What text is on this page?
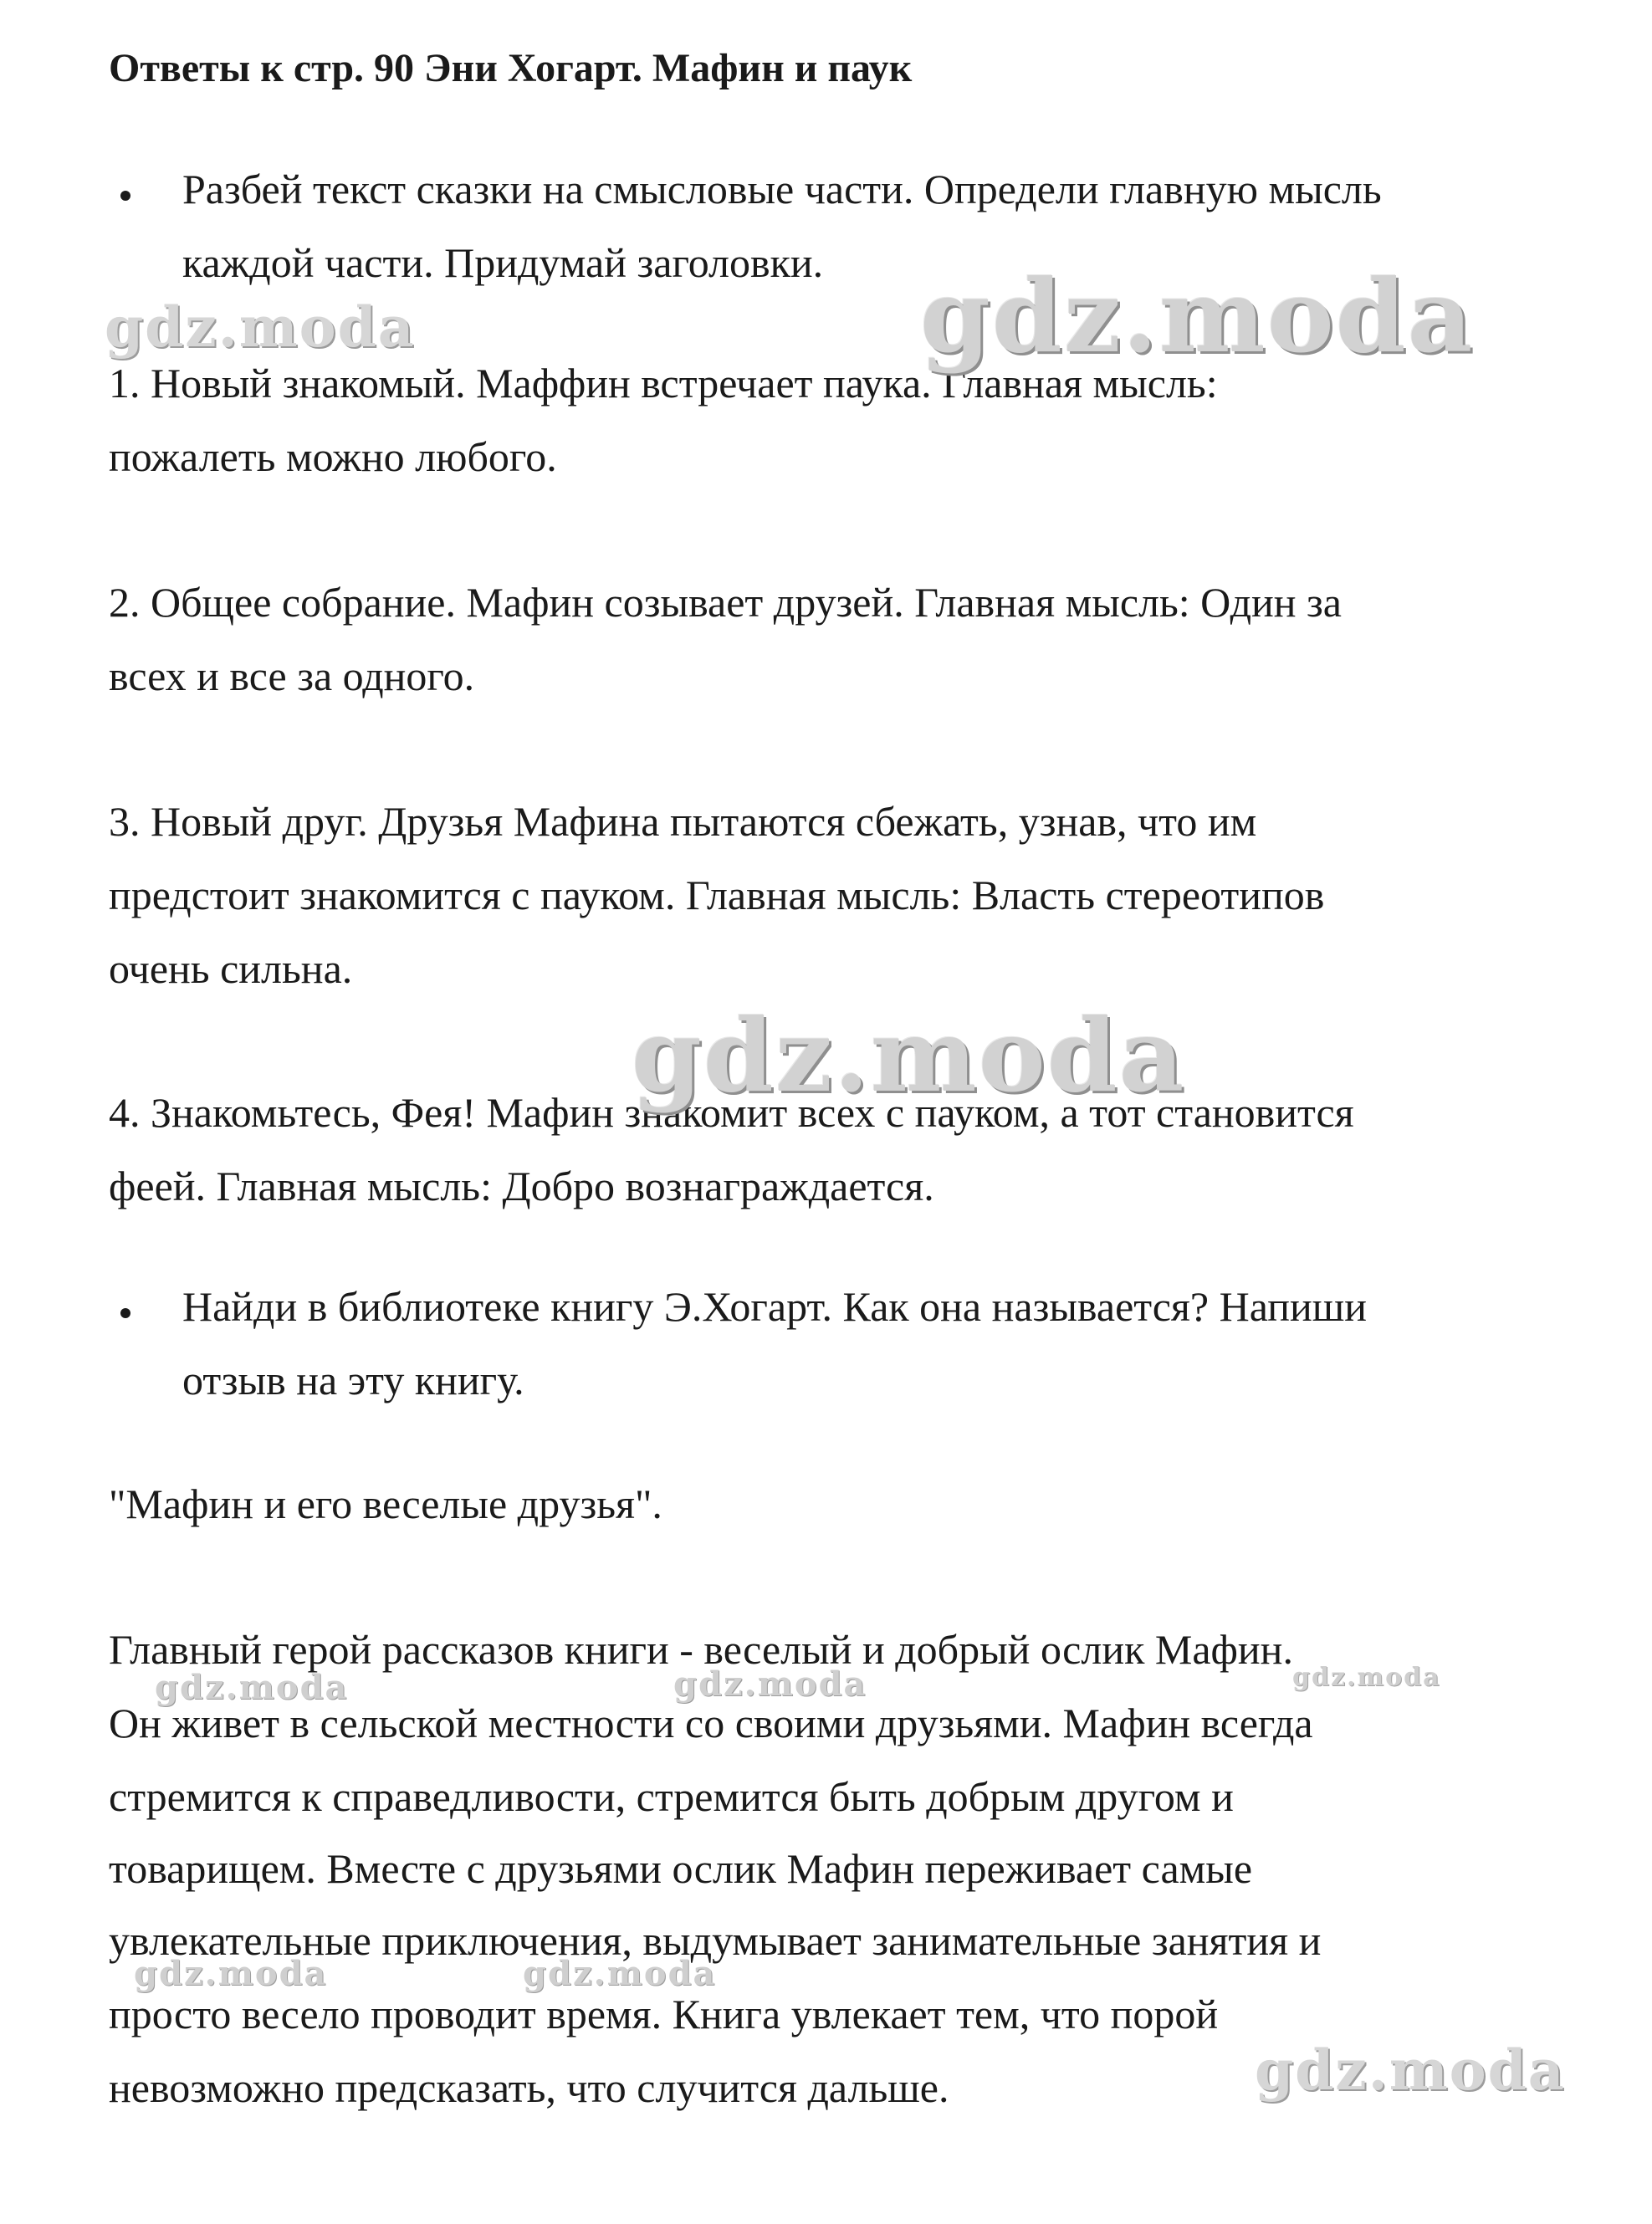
Ответы к стр. 90 Эни Хогарт. Мафин и паук
Разбей текст сказки на смысловые части. Определи главную мысль
каждой части. Придумай заголовки.
1. Новый знакомый. Маффин встречает паука. Главная мысль:
пожалеть можно любого.
2. Общее собрание. Мафин созывает друзей. Главная мысль: Один за
всех и все за одного.
3. Новый друг. Друзья Мафина пытаются сбежать, узнав, что им
предстоит знакомится с пауком. Главная мысль: Власть стереотипов
очень сильна.
4. Знакомьтесь, Фея! Мафин знакомит всех с пауком, а тот становится
феей. Главная мысль: Добро вознаграждается.
Найди в библиотеке книгу Э.Хогарт. Как она называется? Напиши
отзыв на эту книгу.
"Мафин и его веселые друзья".
Главный герой рассказов книги - веселый и добрый ослик Мафин.
Он живет в сельской местности со своими друзьями. Мафин всегда
стремится к справедливости, стремится быть добрым другом и
товарищем. Вместе с друзьями ослик Мафин переживает самые
увлекательные приключения, выдумывает занимательные занятия и
просто весело проводит время. Книга увлекает тем, что порой
невозможно предсказать, что случится дальше.
gdz.moda	gdz.moda
gdz.moda
gdz.moda	gdz.moda	gdz.moda
gdz.moda	gdz.moda
gdz.moda
